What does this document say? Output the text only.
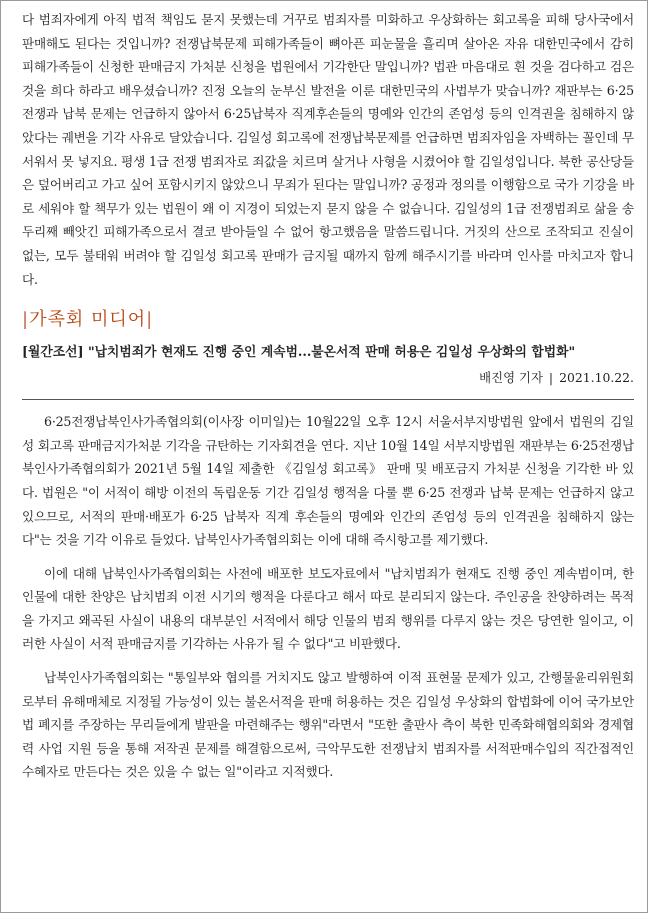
다 범죄자에게 아직 법적 책임도 묻지 못했는데 거꾸로 범죄자를 미화하고 우상화하는 회고록을 피해 당사국에서 판매해도 된다는 것입니까? 전쟁납북문제 피해가족들이 뼈아픈 피눈물을 흘리며 살아온 자유 대한민국에서 감히 피해가족들이 신청한 판매금지 가처분 신청을 법원에서 기각한단 말입니까? 법관 마음대로 흰 것을 검다하고 검은 것을 희다 하라고 배우셨습니까? 진정 오늘의 눈부신 발전을 이룬 대한민국의 사법부가 맞습니까? 재판부는 6·25전쟁과 납북 문제는 언급하지 않아서 6·25납북자 직계후손들의 명예와 인간의 존엄성 등의 인격권을 침해하지 않았다는 궤변을 기각 사유로 달았습니다. 김일성 회고록에 전쟁납북문제를 언급하면 범죄자임을 자백하는 꼴인데 무서워서 못 넣지요. 평생 1급 전쟁 범죄자로 죄값을 치르며 살거나 사형을 시켰어야 할 김일성입니다. 북한 공산당들은 덮어버리고 가고 싶어 포함시키지 않았으니 무죄가 된다는 말입니까? 공정과 정의를 이행함으로 국가 기강을 바로 세워야 할 책무가 있는 법원이 왜 이 지경이 되었는지 묻지 않을 수 없습니다. 김일성의 1급 전쟁범죄로 삶을 송두리째 빼앗긴 피해가족으로서 결코 받아들일 수 없어 항고했음을 말씀드립니다. 거짓의 산으로 조작되고 진실이 없는, 모두 불태워 버려야 할 김일성 회고록 판매가 금지될 때까지 함께 해주시기를 바라며 인사를 마치고자 합니다.

|가족회 미디어|
[월간조선] "납치범죄가 현재도 진행 중인 계속범...불온서적 판매 허용은 김일성 우상화의 합법화"
배진영 기자 | 2021.10.22.

6·25전쟁납북인사가족협의회(이사장 이미일)는 10월22일 오후 12시 서울서부지방법원 앞에서 법원의 김일성 회고록 판매금지가처분 기각을 규탄하는 기자회견을 연다. 지난 10월 14일 서부지방법원 재판부는 6·25전쟁납북인사가족협의회가 2021년 5월 14일 제출한 《김일성 회고록》 판매 및 배포금지 가처분 신청을 기각한 바 있다. 법원은 "이 서적이 해방 이전의 독립운동 기간 김일성 행적을 다룰 뿐 6·25 전쟁과 납북 문제는 언급하지 않고 있으므로, 서적의 판매·배포가 6·25 납북자 직계 후손들의 명예와 인간의 존엄성 등의 인격권을 침해하지 않는다"는 것을 기각 이유로 들었다. 납북인사가족협의회는 이에 대해 즉시항고를 제기했다.

이에 대해 납북인사가족협의회는 사전에 배포한 보도자료에서 "납치범죄가 현재도 진행 중인 계속범이며, 한 인물에 대한 찬양은 납치범죄 이전 시기의 행적을 다룬다고 해서 따로 분리되지 않는다. 주인공을 찬양하려는 목적을 가지고 왜곡된 사실이 내용의 대부분인 서적에서 해당 인물의 범죄 행위를 다루지 않는 것은 당연한 일이고, 이러한 사실이 서적 판매금지를 기각하는 사유가 될 수 없다"고 비판했다.

납북인사가족협의회는 "통일부와 협의를 거치지도 않고 발행하여 이적 표현물 문제가 있고, 간행물윤리위원회로부터 유해매체로 지정될 가능성이 있는 불온서적을 판매 허용하는 것은 김일성 우상화의 합법화에 이어 국가보안법 폐지를 주장하는 무리들에게 발판을 마련해주는 행위"라면서 "또한 출판사 측이 북한 민족화해협의회와 경제협력 사업 지원 등을 통해 저작권 문제를 해결함으로써, 극악무도한 전쟁납치 범죄자를 서적판매수입의 직간접적인 수혜자로 만든다는 것은 있을 수 없는 일"이라고 지적했다.
